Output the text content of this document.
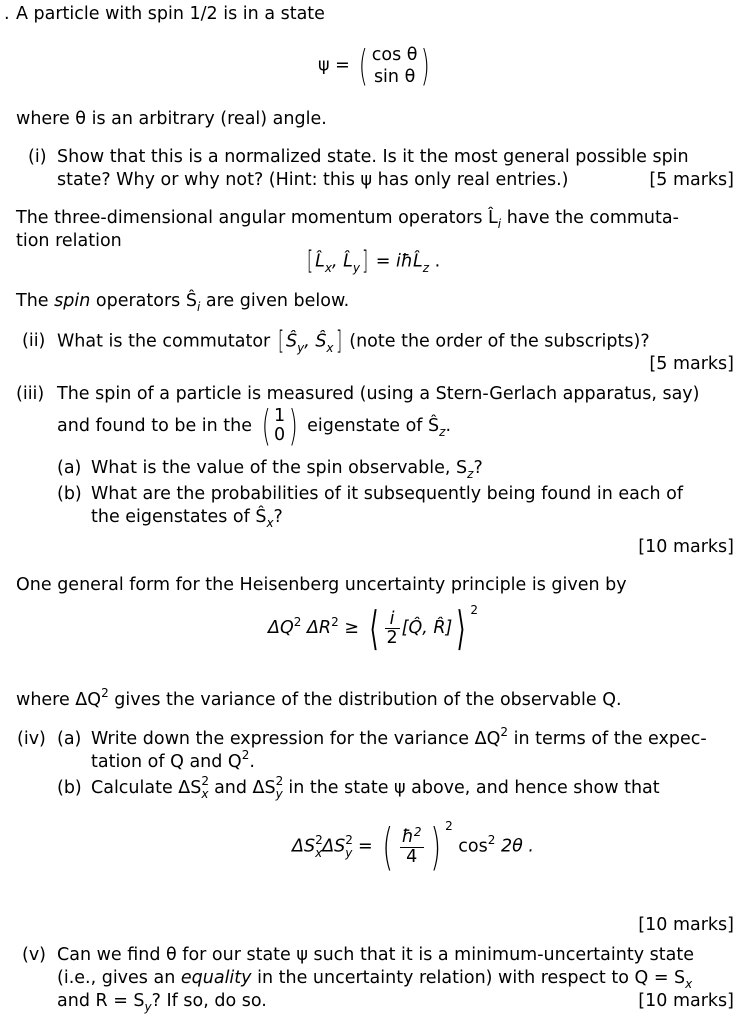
. A particle with spin 1/2 is in a state
ψ = ( cos θ
sin θ )
where θ is an arbitrary (real) angle.
(i) Show that this is a normalized state. Is it the most general possible spin
state? Why or why not? (Hint: this ψ has only real entries.)	[5 marks]
The three-dimensional angular momentum operators $L̂_i$ have the commuta-
tion relation
[ $L̂_x$, $L̂_y$] = $iħL̂_z$ .
The spin operators $Ŝ_i$ are given below.
(ii) What is the commutator [ $Ŝ_y$, $Ŝ_x$] (note the order of the subscripts)?
[5 marks]
(iii) The spin of a particle is measured (using a Stern-Gerlach apparatus, say)
and found to be in the ( 1
0 ) eigenstate of $Ŝ_z$.
(a) What is the value of the spin observable, $S_z$?
(b) What are the probabilities of it subsequently being found in each of
the eigenstates of $Ŝ_x$?
[10 marks]
One general form for the Heisenberg uncertainty principle is given by
$\Delta Q^2$ $\Delta R^2$ ≥ ⟨ $\frac{i}{2}$ [Q̂, R̂]⟩ $^2$
where $\Delta Q^2$ gives the variance of the distribution of the observable Q.
(iv) (a) Write down the expression for the variance $\Delta Q^2$ in terms of the expec-
tation of Q and $Q^2$.
(b) Calculate $\Delta S2_x$ and $\Delta S2_y$ in the state ψ above, and hence show that
$\Delta S2_x\Delta S2_y$ = ( $\frac{ħ^2}{4}$ ) $^2$ $\cos^2 2\theta$ .
[10 marks]
(v) Can we find θ for our state ψ such that it is a minimum-uncertainty state
(i.e., gives an equality in the uncertainty relation) with respect to $Q = S_x$
and $R = S_y$? If so, do so.	[10 marks]
